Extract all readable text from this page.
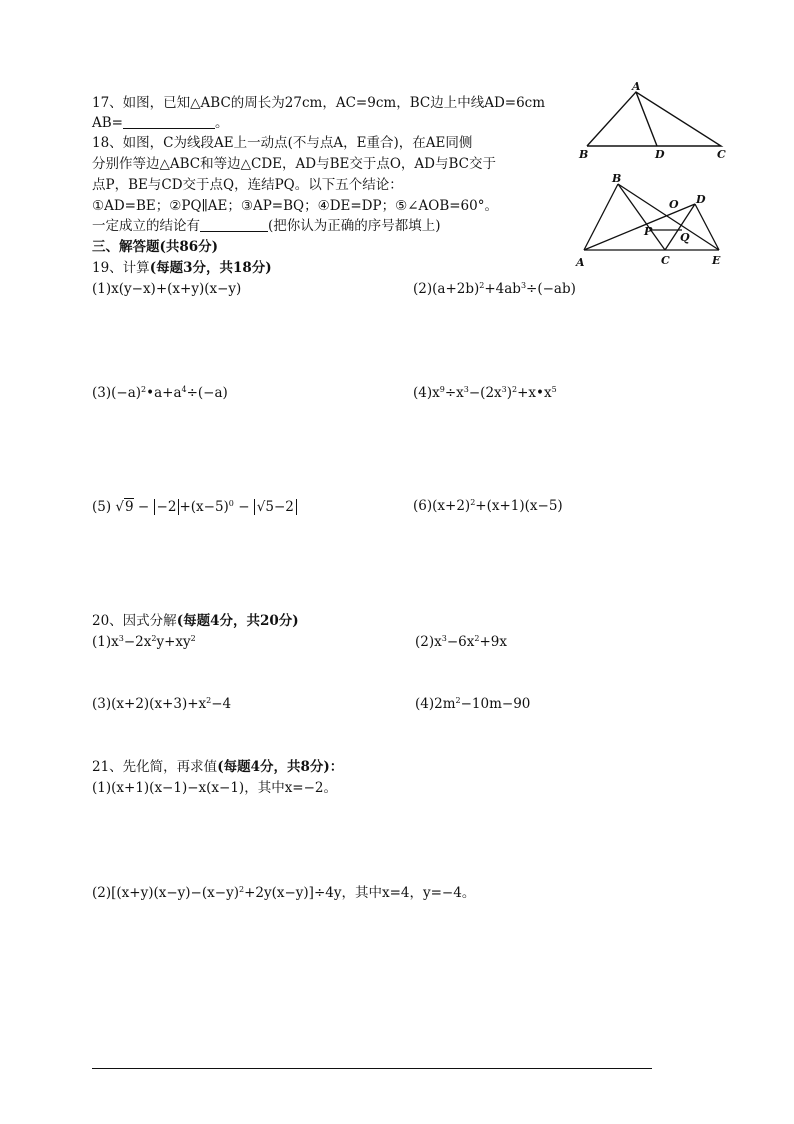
17、如图，已知△ABC的周长为27cm，AC=9cm，BC边上中线AD=6cm
AB=	。
A
B	D	C
18、如图，C为线段AE上一动点(不与点A，E重合)，在AE同侧
分别作等边△ABC和等边△CDE，AD与BE交于点O，AD与BC交于
点P，BE与CD交于点Q，连结PQ。以下五个结论：
①AD=BE；②PQ∥AE；③AP=BQ；④DE=DP；⑤∠AOB=60°。
一定成立的结论有	(把你认为正确的序号都填上)
B
O D
P	Q
A	C	E
三、解答题(共86分)
19、计算(每题3分，共18分)
(1)x(y−x)+(x+y)(x−y)	$(2)(a+2b)^2+4ab^3\div(-ab)$
$(3)(-a)^2•a+a^4\div(-a)$	$(4)x^9\div x^3-(2x^3)^2+x•x^5$
(5) $√9 - -2 +(x-5)^0 - √5-2$	$(6)(x+2)^2+(x+1)(x-5)$
20、因式分解(每题4分，共20分)
$(1)x^3-2x^2y+xy^2$	$(2)x^3-6x^2+9x$
$(3)(x+2)(x+3)+x^2-4$	$(4)2m^2-10m-90$
21、先化简，再求值(每题4分，共8分)：
(1)(x+1)(x−1)−x(x−1)，其中x=−2。
$(2)[(x+y)(x-y)-(x-y)^2+2y(x-y)]\div 4y$，其中x=4，y=−4。
